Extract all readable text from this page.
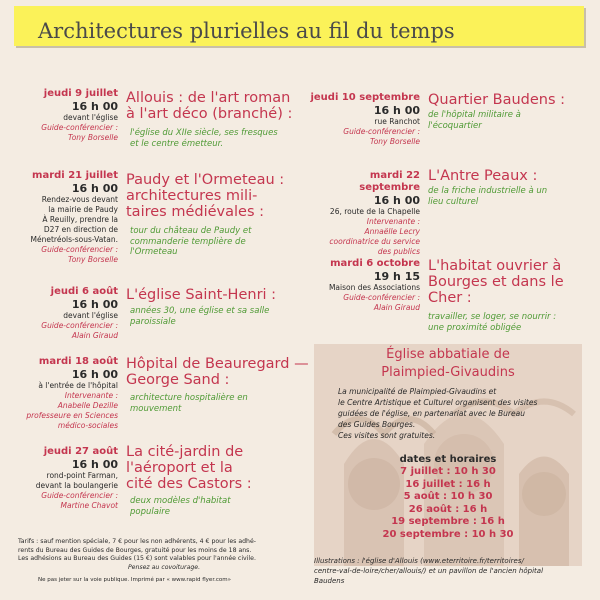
Architectures plurielles au fil du temps
jeudi 9 juillet
16 h 00
devant l'église
Guide-conférencier :
Tony Borselle
Allouis : de l'art roman
à l'art déco (branché) :
l'église du XIIe siècle, ses fresques
et le centre émetteur.
mardi 21 juillet
16 h 00
Rendez-vous devant
la mairie de Paudy
À Reuilly, prendre la
D27 en direction de
Ménetréols-sous-Vatan.
Guide-conférencier :
Tony Borselle
Paudy et l'Ormeteau :
architectures mili-
taires médiévales :
tour du château de Paudy et
commanderie templière de
l'Ormeteau
jeudi 6 août
16 h 00
devant l'église
Guide-conférencier :
Alain Giraud
L'église Saint-Henri :
années 30, une église et sa salle
paroissiale
mardi 18 août
16 h 00
à l'entrée de l'hôpital
Intervenante :
Anabelle Dezille
professeure en Sciences
médico-sociales
Hôpital de Beauregard —
George Sand :
architecture hospitalière en
mouvement
jeudi 27 août
16 h 00
rond-point Farman,
devant la boulangerie
Guide-conférencier :
Martine Chavot
La cité-jardin de
l'aéroport et la
cité des Castors :
deux modèles d'habitat
populaire
jeudi 10 septembre
16 h 00
rue Ranchot
Guide-conférencier :
Tony Borselle
Quartier Baudens :
de l'hôpital militaire à
l'écoquartier
mardi 22 septembre
16 h 00
26, route de la Chapelle
Intervenante :
Annaëlle Lecry
coordinatrice du service
des publics
L'Antre Peaux :
de la friche industrielle à un
lieu culturel
mardi 6 octobre
19 h 15
Maison des Associations
Guide-conférencier :
Alain Giraud
L'habitat ouvrier à
Bourges et dans le
Cher :
travailler, se loger, se nourrir :
une proximité obligée
Église abbatiale de
Plaimpied-Givaudins
La municipalité de Plaimpied-Givaudins et
le Centre Artistique et Culturel organisent des visites
guidées de l'église, en partenariat avec le Bureau
des Guides Bourges.
Ces visites sont gratuites.
dates et horaires
7 juillet : 10 h 30
16 juillet : 16 h
5 août : 10 h 30
26 août : 16 h
19 septembre : 16 h
20 septembre : 10 h 30
Tarifs : sauf mention spéciale, 7 € pour les non adhérents, 4 € pour les adhé-
rents du Bureau des Guides de Bourges, gratuité pour les moins de 18 ans.
Les adhésions au Bureau des Guides (15 €) sont valables pour l'année civile.
Pensez au covoiturage.
Ne pas jeter sur la voie publique. Imprimé par « www.rapid flyer.com»
Illustrations : l'église d'Allouis (www.eterritoire.fr/territoires/
centre-val-de-loire/cher/allouis/) et un pavillon de l'ancien hôpital
Baudens
